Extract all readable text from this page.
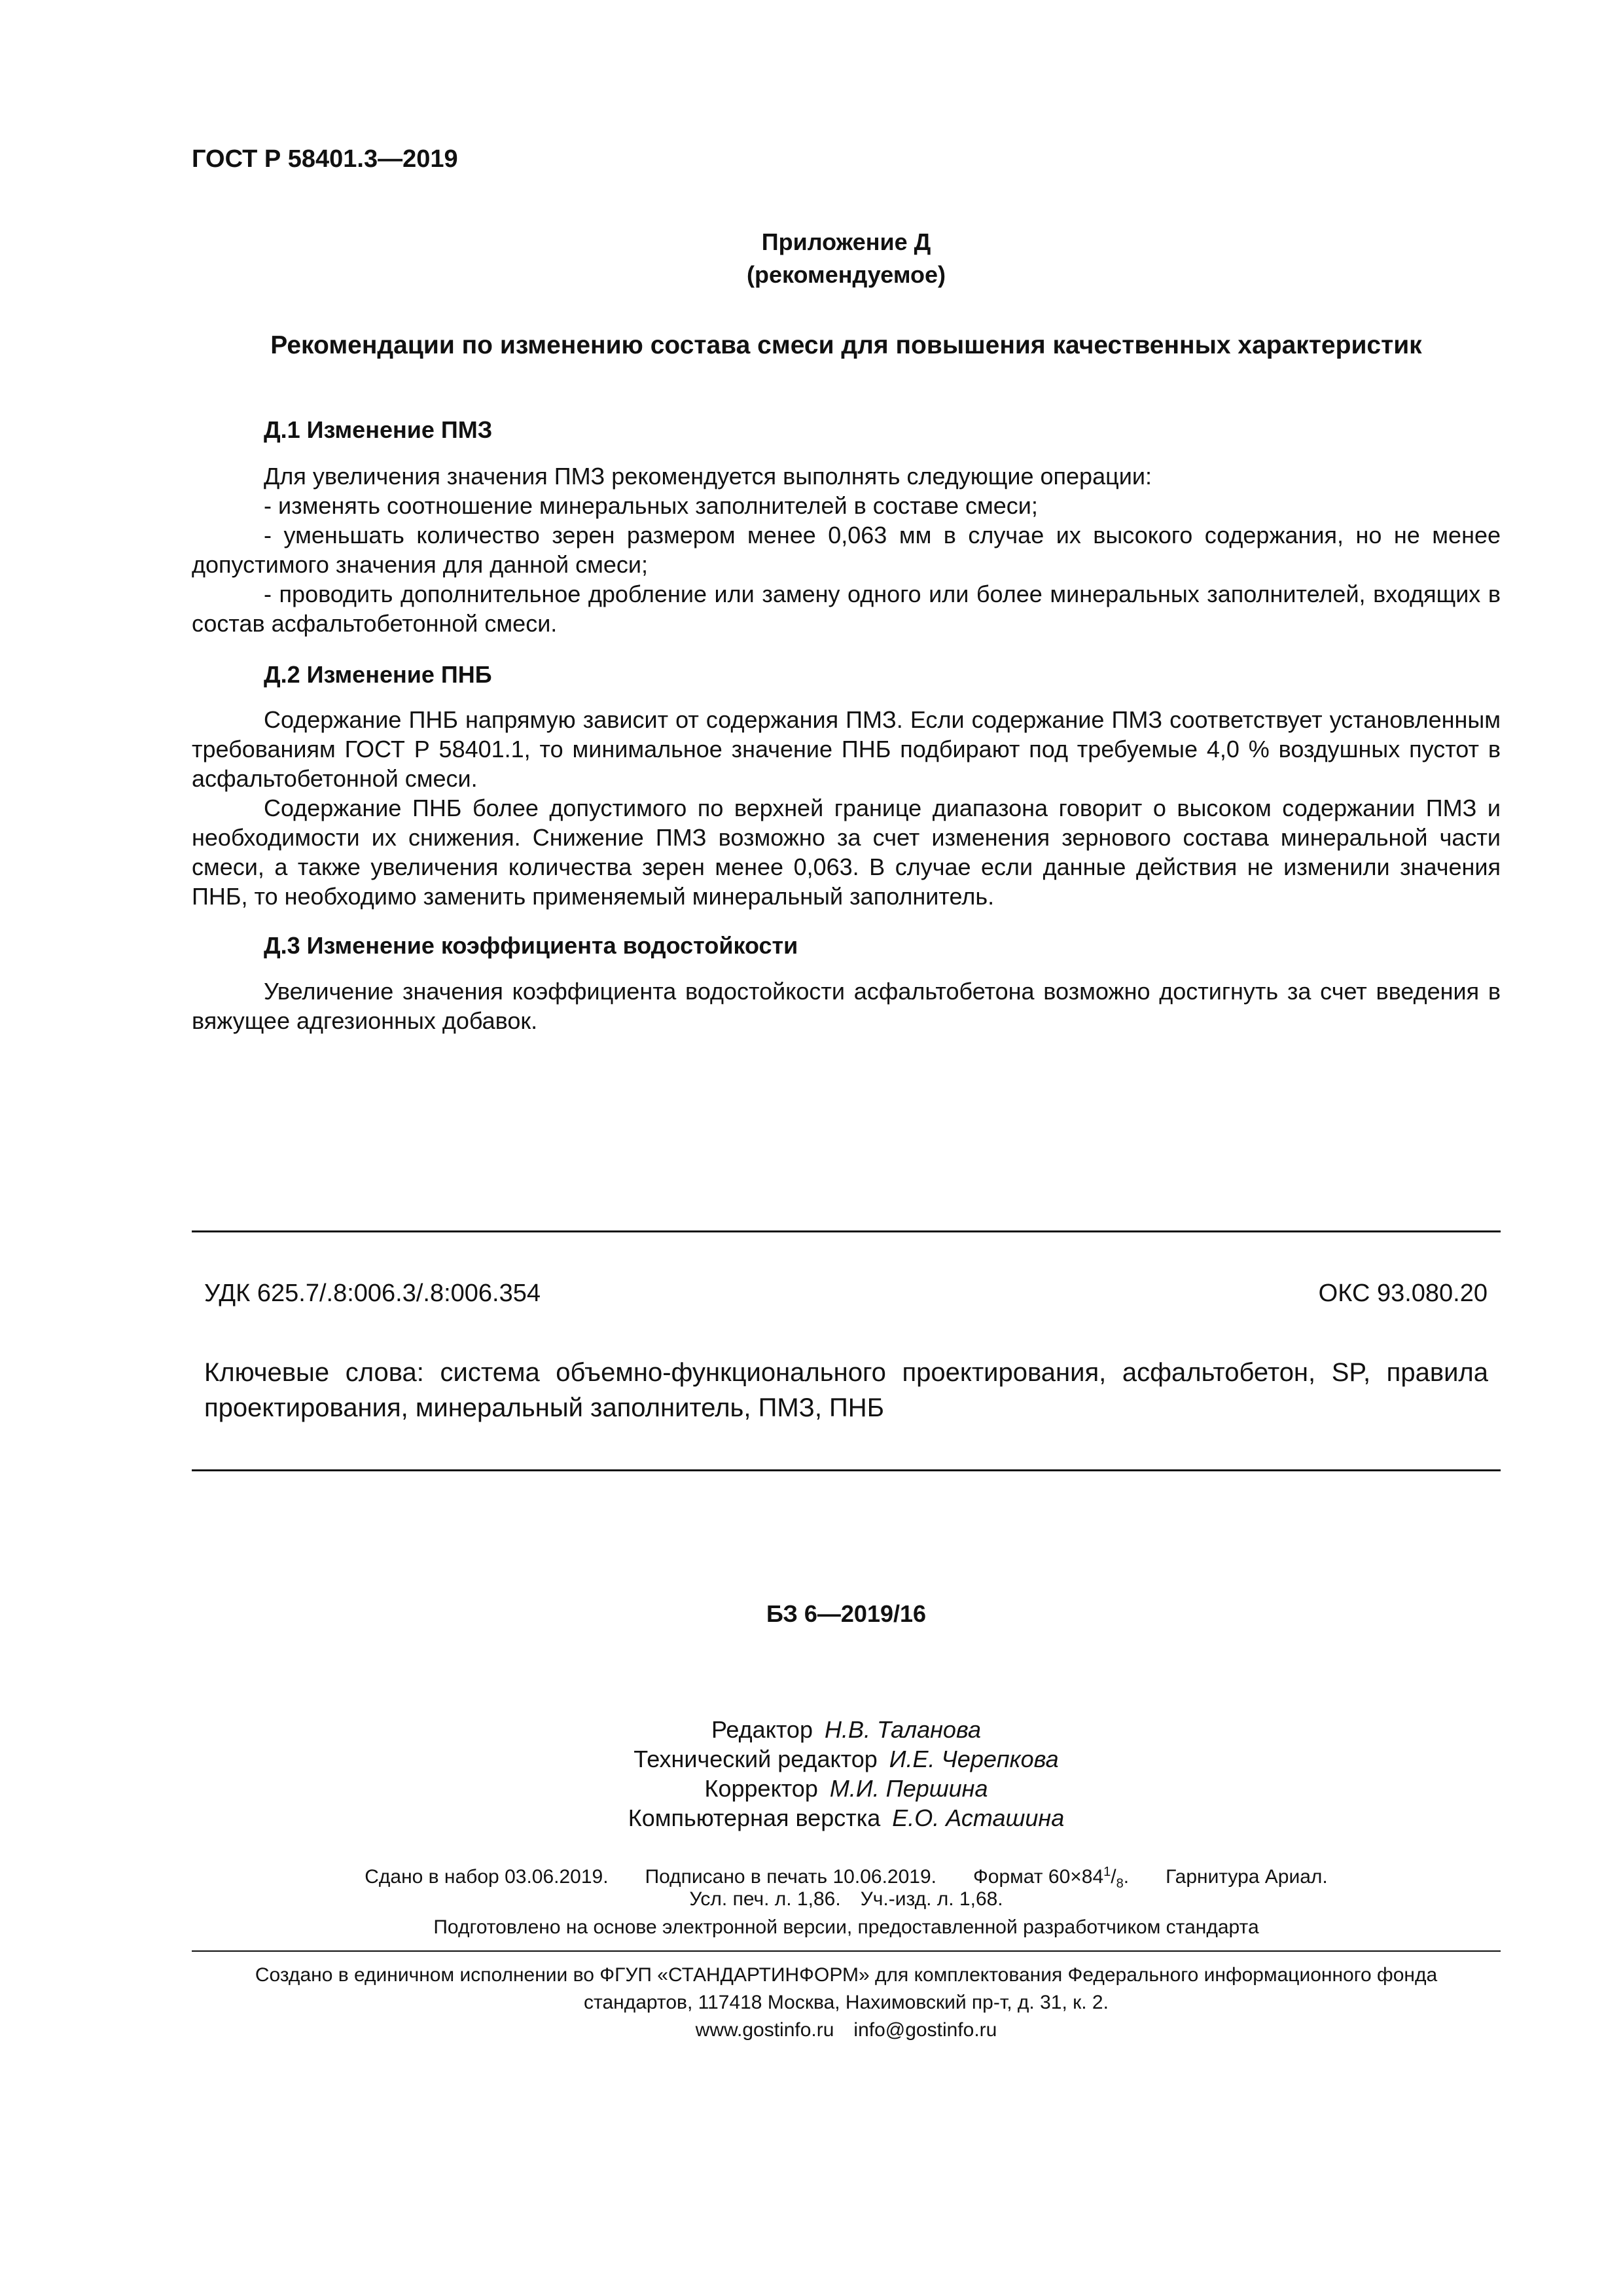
ГОСТ Р 58401.3—2019
Приложение Д
(рекомендуемое)
Рекомендации по изменению состава смеси для повышения качественных характеристик
Д.1 Изменение ПМЗ

Для увеличения значения ПМЗ рекомендуется выполнять следующие операции:

- изменять соотношение минеральных заполнителей в составе смеси;

- уменьшать количество зерен размером менее 0,063 мм в случае их высокого содержания, но не менее допустимого значения для данной смеси;

- проводить дополнительное дробление или замену одного или более минеральных заполнителей, входящих в состав асфальтобетонной смеси.

Д.2 Изменение ПНБ

Содержание ПНБ напрямую зависит от содержания ПМЗ. Если содержание ПМЗ соответствует установленным требованиям ГОСТ Р 58401.1, то минимальное значение ПНБ подбирают под требуемые 4,0 % воздушных пустот в асфальтобетонной смеси.

Содержание ПНБ более допустимого по верхней границе диапазона говорит о высоком содержании ПМЗ и необходимости их снижения. Снижение ПМЗ возможно за счет изменения зернового состава минеральной части смеси, а также увеличения количества зерен менее 0,063. В случае если данные действия не изменили значения ПНБ, то необходимо заменить применяемый минеральный заполнитель.

Д.3 Изменение коэффициента водостойкости

Увеличение значения коэффициента водостойкости асфальтобетона возможно достигнуть за счет введения в вяжущее адгезионных добавок.

УДК 625.7/.8:006.3/.8:006.354	ОКС 93.080.20
Ключевые слова: система объемно-функционального проектирования, асфальтобетон, SP, правила проектирования, минеральный заполнитель, ПМЗ, ПНБ
БЗ 6—2019/16
Редактор Н.В. Таланова
Технический редактор И.Е. Черепкова
Корректор М.И. Першина
Компьютерная верстка Е.О. Асташина
Сдано в набор 03.06.2019. Подписано в печать 10.06.2019. Формат $60\times 84^1/_8$. Гарнитура Ариал.
Усл. печ. л. 1,86. Уч.-изд. л. 1,68.
Подготовлено на основе электронной версии, предоставленной разработчиком стандарта
Создано в единичном исполнении во ФГУП «СТАНДАРТИНФОРМ» для комплектования Федерального информационного фонда
стандартов, 117418 Москва, Нахимовский пр-т, д. 31, к. 2.
www.gostinfo.ru info@gostinfo.ru
